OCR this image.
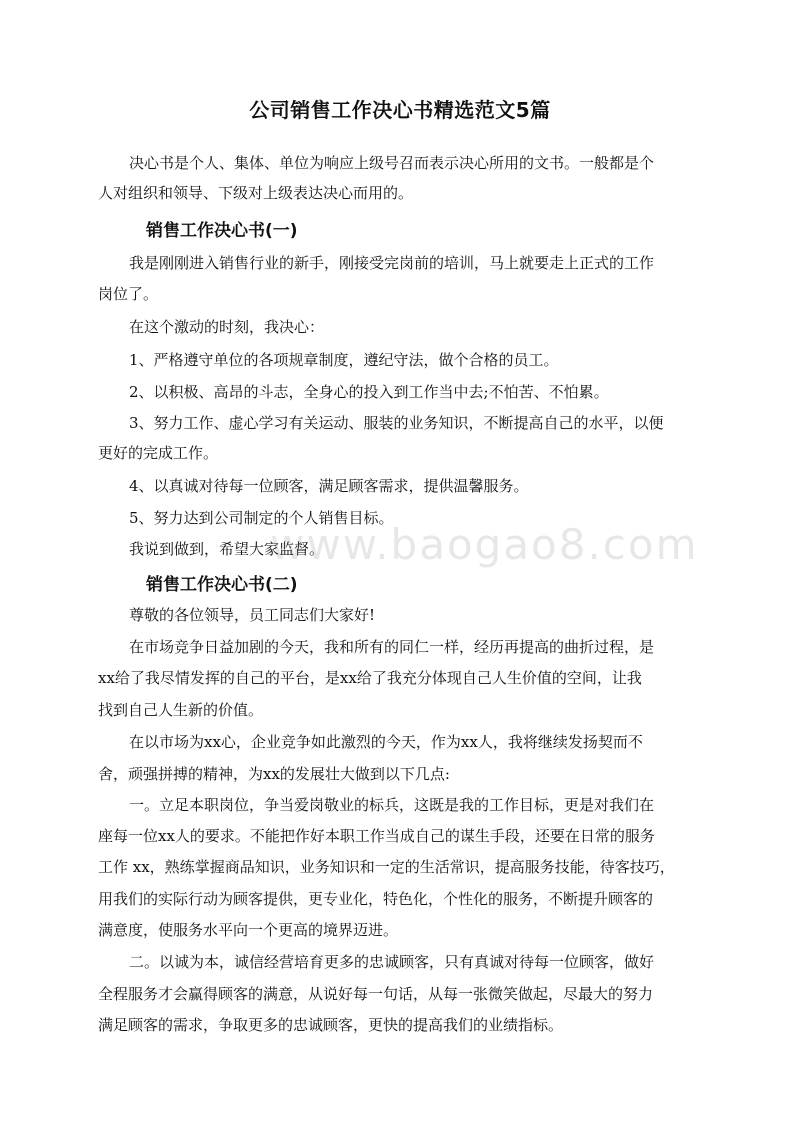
公司销售工作决心书精选范文5篇
决心书是个人、集体、单位为响应上级号召而表示决心所用的文书。一般都是个
人对组织和领导、下级对上级表达决心而用的。
销售工作决心书(一)
我是刚刚进入销售行业的新手，刚接受完岗前的培训，马上就要走上正式的工作
岗位了。
在这个激动的时刻，我决心：
1、严格遵守单位的各项规章制度，遵纪守法，做个合格的员工。
2、以积极、高昂的斗志，全身心的投入到工作当中去;不怕苦、不怕累。
3、努力工作、虚心学习有关运动、服装的业务知识，不断提高自己的水平，以便
更好的完成工作。
4、以真诚对待每一位顾客，满足顾客需求，提供温馨服务。
5、努力达到公司制定的个人销售目标。
我说到做到，希望大家监督。
销售工作决心书(二)
尊敬的各位领导，员工同志们大家好!
在市场竞争日益加剧的今天，我和所有的同仁一样，经历再提高的曲折过程，是
xx给了我尽情发挥的自己的平台，是xx给了我充分体现自己人生价值的空间，让我
找到自己人生新的价值。
在以市场为xx心，企业竞争如此激烈的今天，作为xx人，我将继续发扬契而不
舍，顽强拼搏的精神，为xx的发展壮大做到以下几点:
一。立足本职岗位，争当爱岗敬业的标兵，这既是我的工作目标，更是对我们在
座每一位xx人的要求。不能把作好本职工作当成自己的谋生手段，还要在日常的服务
工作 xx，熟练掌握商品知识，业务知识和一定的生活常识，提高服务技能，待客技巧，
用我们的实际行动为顾客提供，更专业化，特色化，个性化的服务，不断提升顾客的
满意度，使服务水平向一个更高的境界迈进。
二。以诚为本，诚信经营培育更多的忠诚顾客，只有真诚对待每一位顾客，做好
全程服务才会赢得顾客的满意，从说好每一句话，从每一张微笑做起，尽最大的努力
满足顾客的需求，争取更多的忠诚顾客，更快的提高我们的业绩指标。
www.baogao8.com
